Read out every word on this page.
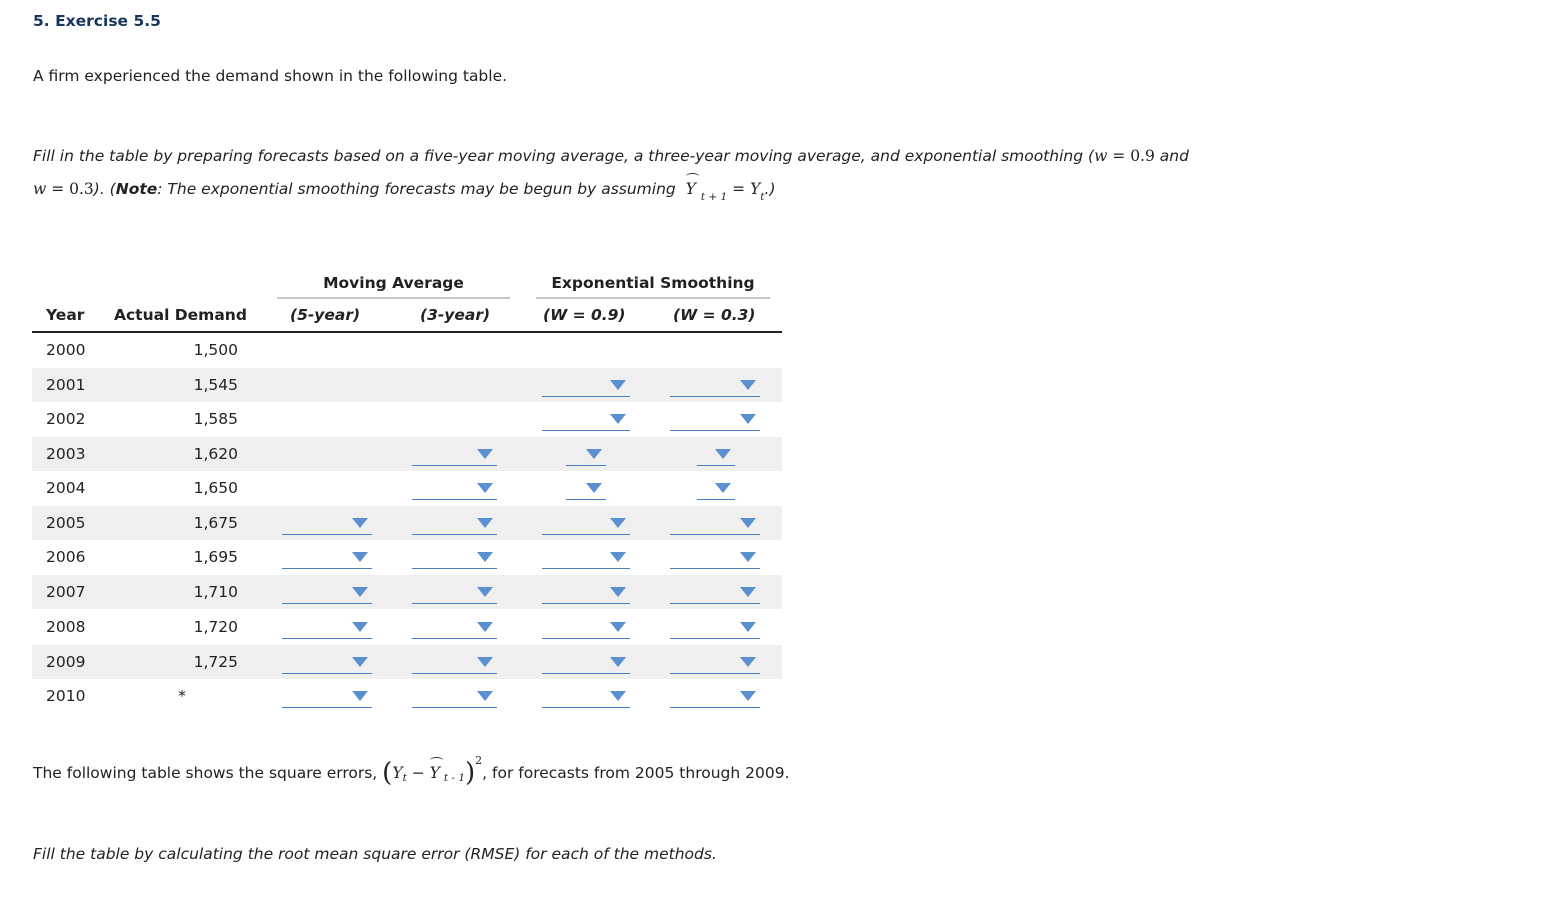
5. Exercise 5.5
A firm experienced the demand shown in the following table.
Fill in the table by preparing forecasts based on a five-year moving average, a three-year moving average, and exponential smoothing (w = 0.9 and
w = 0.3). (Note: The exponential smoothing forecasts may be begun by assuming  Y $_{t + 1} = Y_t$.)
Moving Average	Exponential Smoothing
Year Actual Demand	(5-year)	(3-year)	(W = 0.9)	(W = 0.3)
2000	1,500
2001	1,545
2002	1,585
2003	1,620
2004	1,650
2005	1,675
2006	1,695
2007	1,710
2008	1,720
2009	1,725
2010	*
The following table shows the square errors, ($Y_t - Y$ $_{t - 1}$)$^2$, for forecasts from 2005 through 2009.
Fill the table by calculating the root mean square error (RMSE) for each of the methods.
